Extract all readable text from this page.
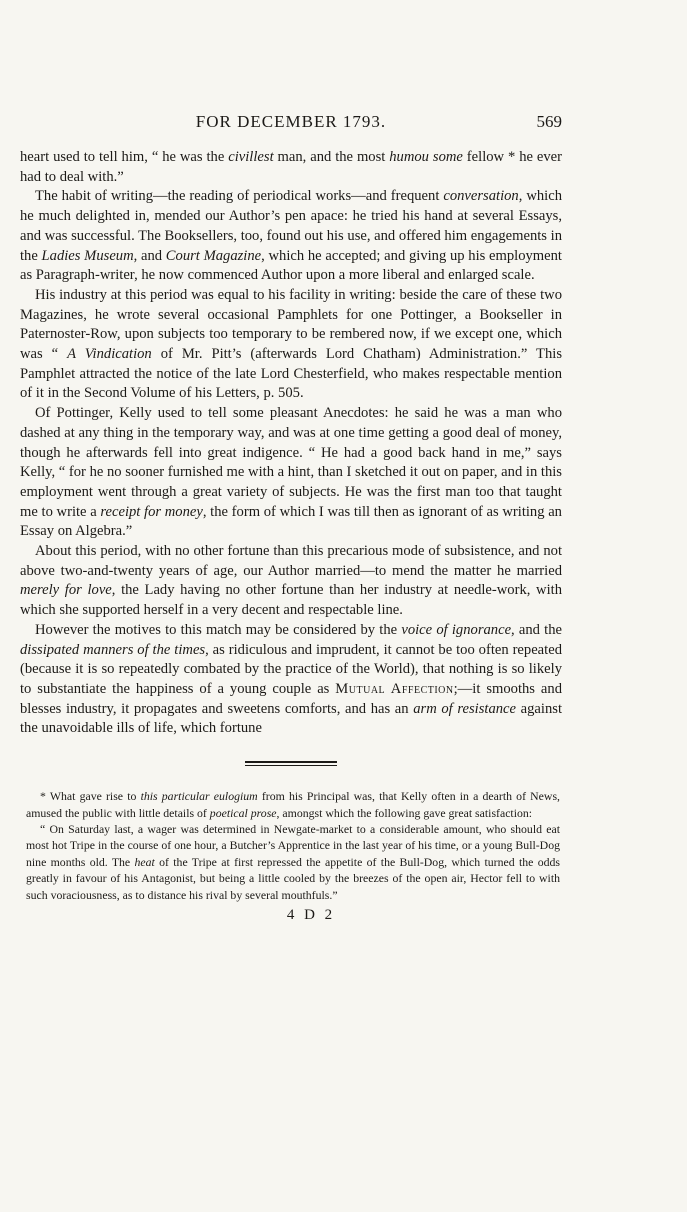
FOR DECEMBER 1793.	569

heart used to tell him, “ he was the civillest man, and the most humou some fellow * he ever had to deal with.”

The habit of writing—the reading of periodical works—and frequent conversation, which he much delighted in, mended our Author’s pen apace: he tried his hand at several Essays, and was successful. The Booksellers, too, found out his use, and offered him engagements in the Ladies Museum, and Court Magazine, which he accepted; and giving up his employment as Paragraph-writer, he now commenced Author upon a more liberal and enlarged scale.

His industry at this period was equal to his facility in writing: beside the care of these two Magazines, he wrote several occasional Pamphlets for one Pottinger, a Bookseller in Paternoster-Row, upon subjects too temporary to be rembered now, if we except one, which was “ A Vindication of Mr. Pitt’s (afterwards Lord Chatham) Administration.” This Pamphlet attracted the notice of the late Lord Chesterfield, who makes respectable mention of it in the Second Volume of his Letters, p. 505.

Of Pottinger, Kelly used to tell some pleasant Anecdotes: he said he was a man who dashed at any thing in the temporary way, and was at one time getting a good deal of money, though he afterwards fell into great indigence. “ He had a good back hand in me,” says Kelly, “ for he no sooner furnished me with a hint, than I sketched it out on paper, and in this employment went through a great variety of subjects. He was the first man too that taught me to write a receipt for money, the form of which I was till then as ignorant of as writing an Essay on Algebra.”

About this period, with no other fortune than this precarious mode of subsistence, and not above two-and-twenty years of age, our Author married—to mend the matter he married merely for love, the Lady having no other fortune than her industry at needle-work, with which she supported herself in a very decent and respectable line.

However the motives to this match may be considered by the voice of ignorance, and the dissipated manners of the times, as ridiculous and imprudent, it cannot be too often repeated (because it is so repeatedly combated by the practice of the World), that nothing is so likely to substantiate the happiness of a young couple as Mutual Affection;—it smooths and blesses industry, it propagates and sweetens comforts, and has an arm of resistance against the unavoidable ills of life, which fortune

* What gave rise to this particular eulogium from his Principal was, that Kelly often in a dearth of News, amused the public with little details of poetical prose, amongst which the following gave great satisfaction:

“ On Saturday last, a wager was determined in Newgate-market to a considerable amount, who should eat most hot Tripe in the course of one hour, a Butcher’s Apprentice in the last year of his time, or a young Bull-Dog nine months old. The heat of the Tripe at first repressed the appetite of the Bull-Dog, which turned the odds greatly in favour of his Antagonist, but being a little cooled by the breezes of the open air, Hector fell to with such voraciousness, as to distance his rival by several mouthfuls.”

4 D 2
